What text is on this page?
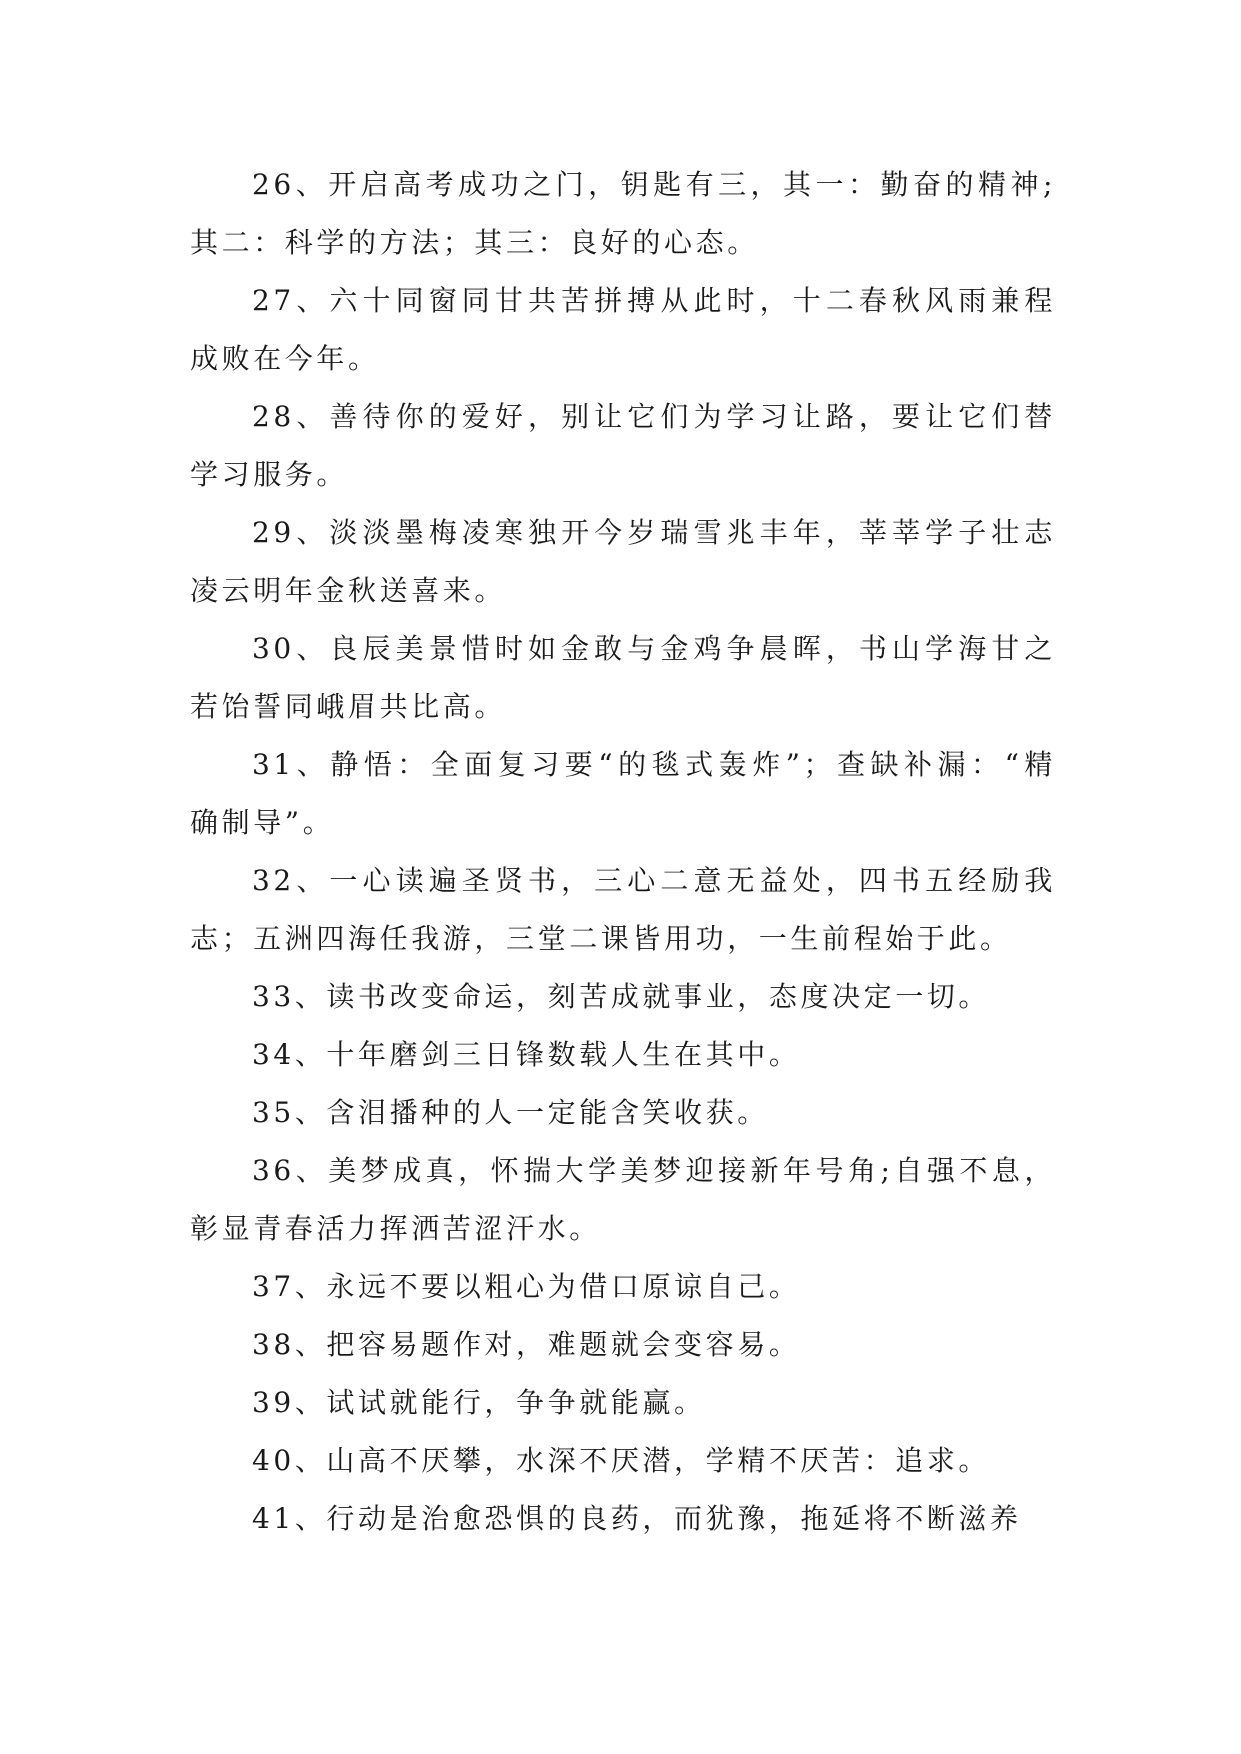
26、开启高考成功之门，钥匙有三，其一：勤奋的精神;
其二：科学的方法；其三：良好的心态。
27、六十同窗同甘共苦拼搏从此时，十二春秋风雨兼程
成败在今年。
28、善待你的爱好，别让它们为学习让路，要让它们替
学习服务。
29、淡淡墨梅凌寒独开今岁瑞雪兆丰年，莘莘学子壮志
凌云明年金秋送喜来。
30、良辰美景惜时如金敢与金鸡争晨晖，书山学海甘之
若饴誓同峨眉共比高。
31、静悟：全面复习要“的毯式轰炸”；查缺补漏：“精
确制导”。
32、一心读遍圣贤书，三心二意无益处，四书五经励我
志；五洲四海任我游，三堂二课皆用功，一生前程始于此。
33、读书改变命运，刻苦成就事业，态度决定一切。
34、十年磨剑三日锋数载人生在其中。
35、含泪播种的人一定能含笑收获。
36、美梦成真，怀揣大学美梦迎接新年号角;自强不息，
彰显青春活力挥洒苦涩汗水。
37、永远不要以粗心为借口原谅自己。
38、把容易题作对，难题就会变容易。
39、试试就能行，争争就能赢。
40、山高不厌攀，水深不厌潜，学精不厌苦：追求。
41、行动是治愈恐惧的良药，而犹豫，拖延将不断滋养
